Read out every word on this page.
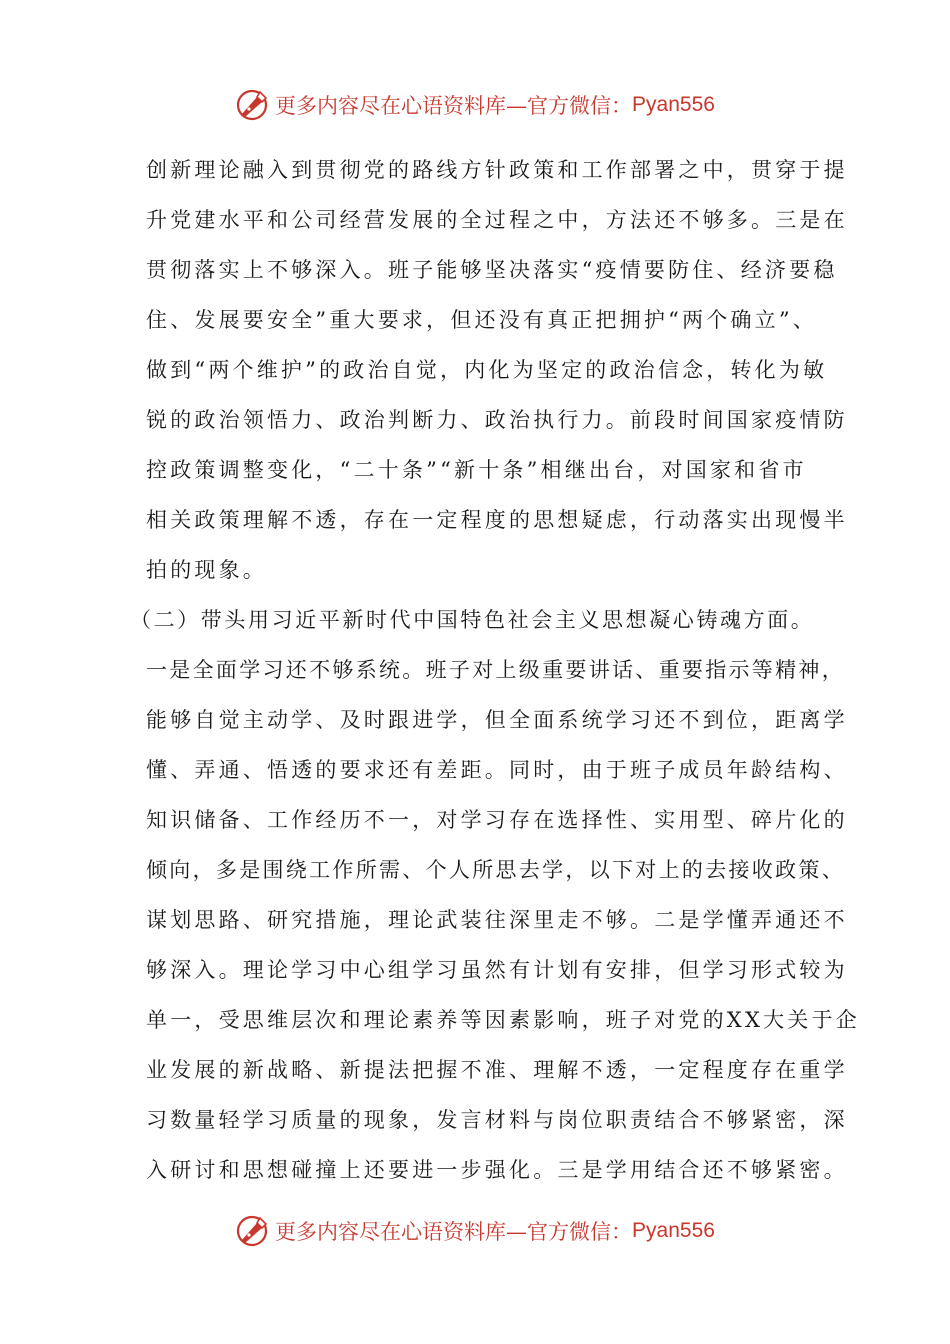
更多内容尽在心语资料库—官方微信： Pyan556
创新理论融入到贯彻党的路线方针政策和工作部署之中，贯穿于提
升党建水平和公司经营发展的全过程之中，方法还不够多。三是在
贯彻落实上不够深入。班子能够坚决落实“疫情要防住、经济要稳
住、发展要安全”重大要求，但还没有真正把拥护“两个确立”、
做到“两个维护”的政治自觉，内化为坚定的政治信念，转化为敏
锐的政治领悟力、政治判断力、政治执行力。前段时间国家疫情防
控政策调整变化，“二十条”“新十条”相继出台，对国家和省市
相关政策理解不透，存在一定程度的思想疑虑，行动落实出现慢半
拍的现象。
（二）带头用习近平新时代中国特色社会主义思想凝心铸魂方面。
一是全面学习还不够系统。班子对上级重要讲话、重要指示等精神，
能够自觉主动学、及时跟进学，但全面系统学习还不到位，距离学
懂、弄通、悟透的要求还有差距。同时，由于班子成员年龄结构、
知识储备、工作经历不一，对学习存在选择性、实用型、碎片化的
倾向，多是围绕工作所需、个人所思去学，以下对上的去接收政策、
谋划思路、研究措施，理论武装往深里走不够。二是学懂弄通还不
够深入。理论学习中心组学习虽然有计划有安排，但学习形式较为
单一，受思维层次和理论素养等因素影响，班子对党的XX大关于企
业发展的新战略、新提法把握不准、理解不透，一定程度存在重学
习数量轻学习质量的现象，发言材料与岗位职责结合不够紧密，深
入研讨和思想碰撞上还要进一步强化。三是学用结合还不够紧密。
更多内容尽在心语资料库—官方微信： Pyan556
